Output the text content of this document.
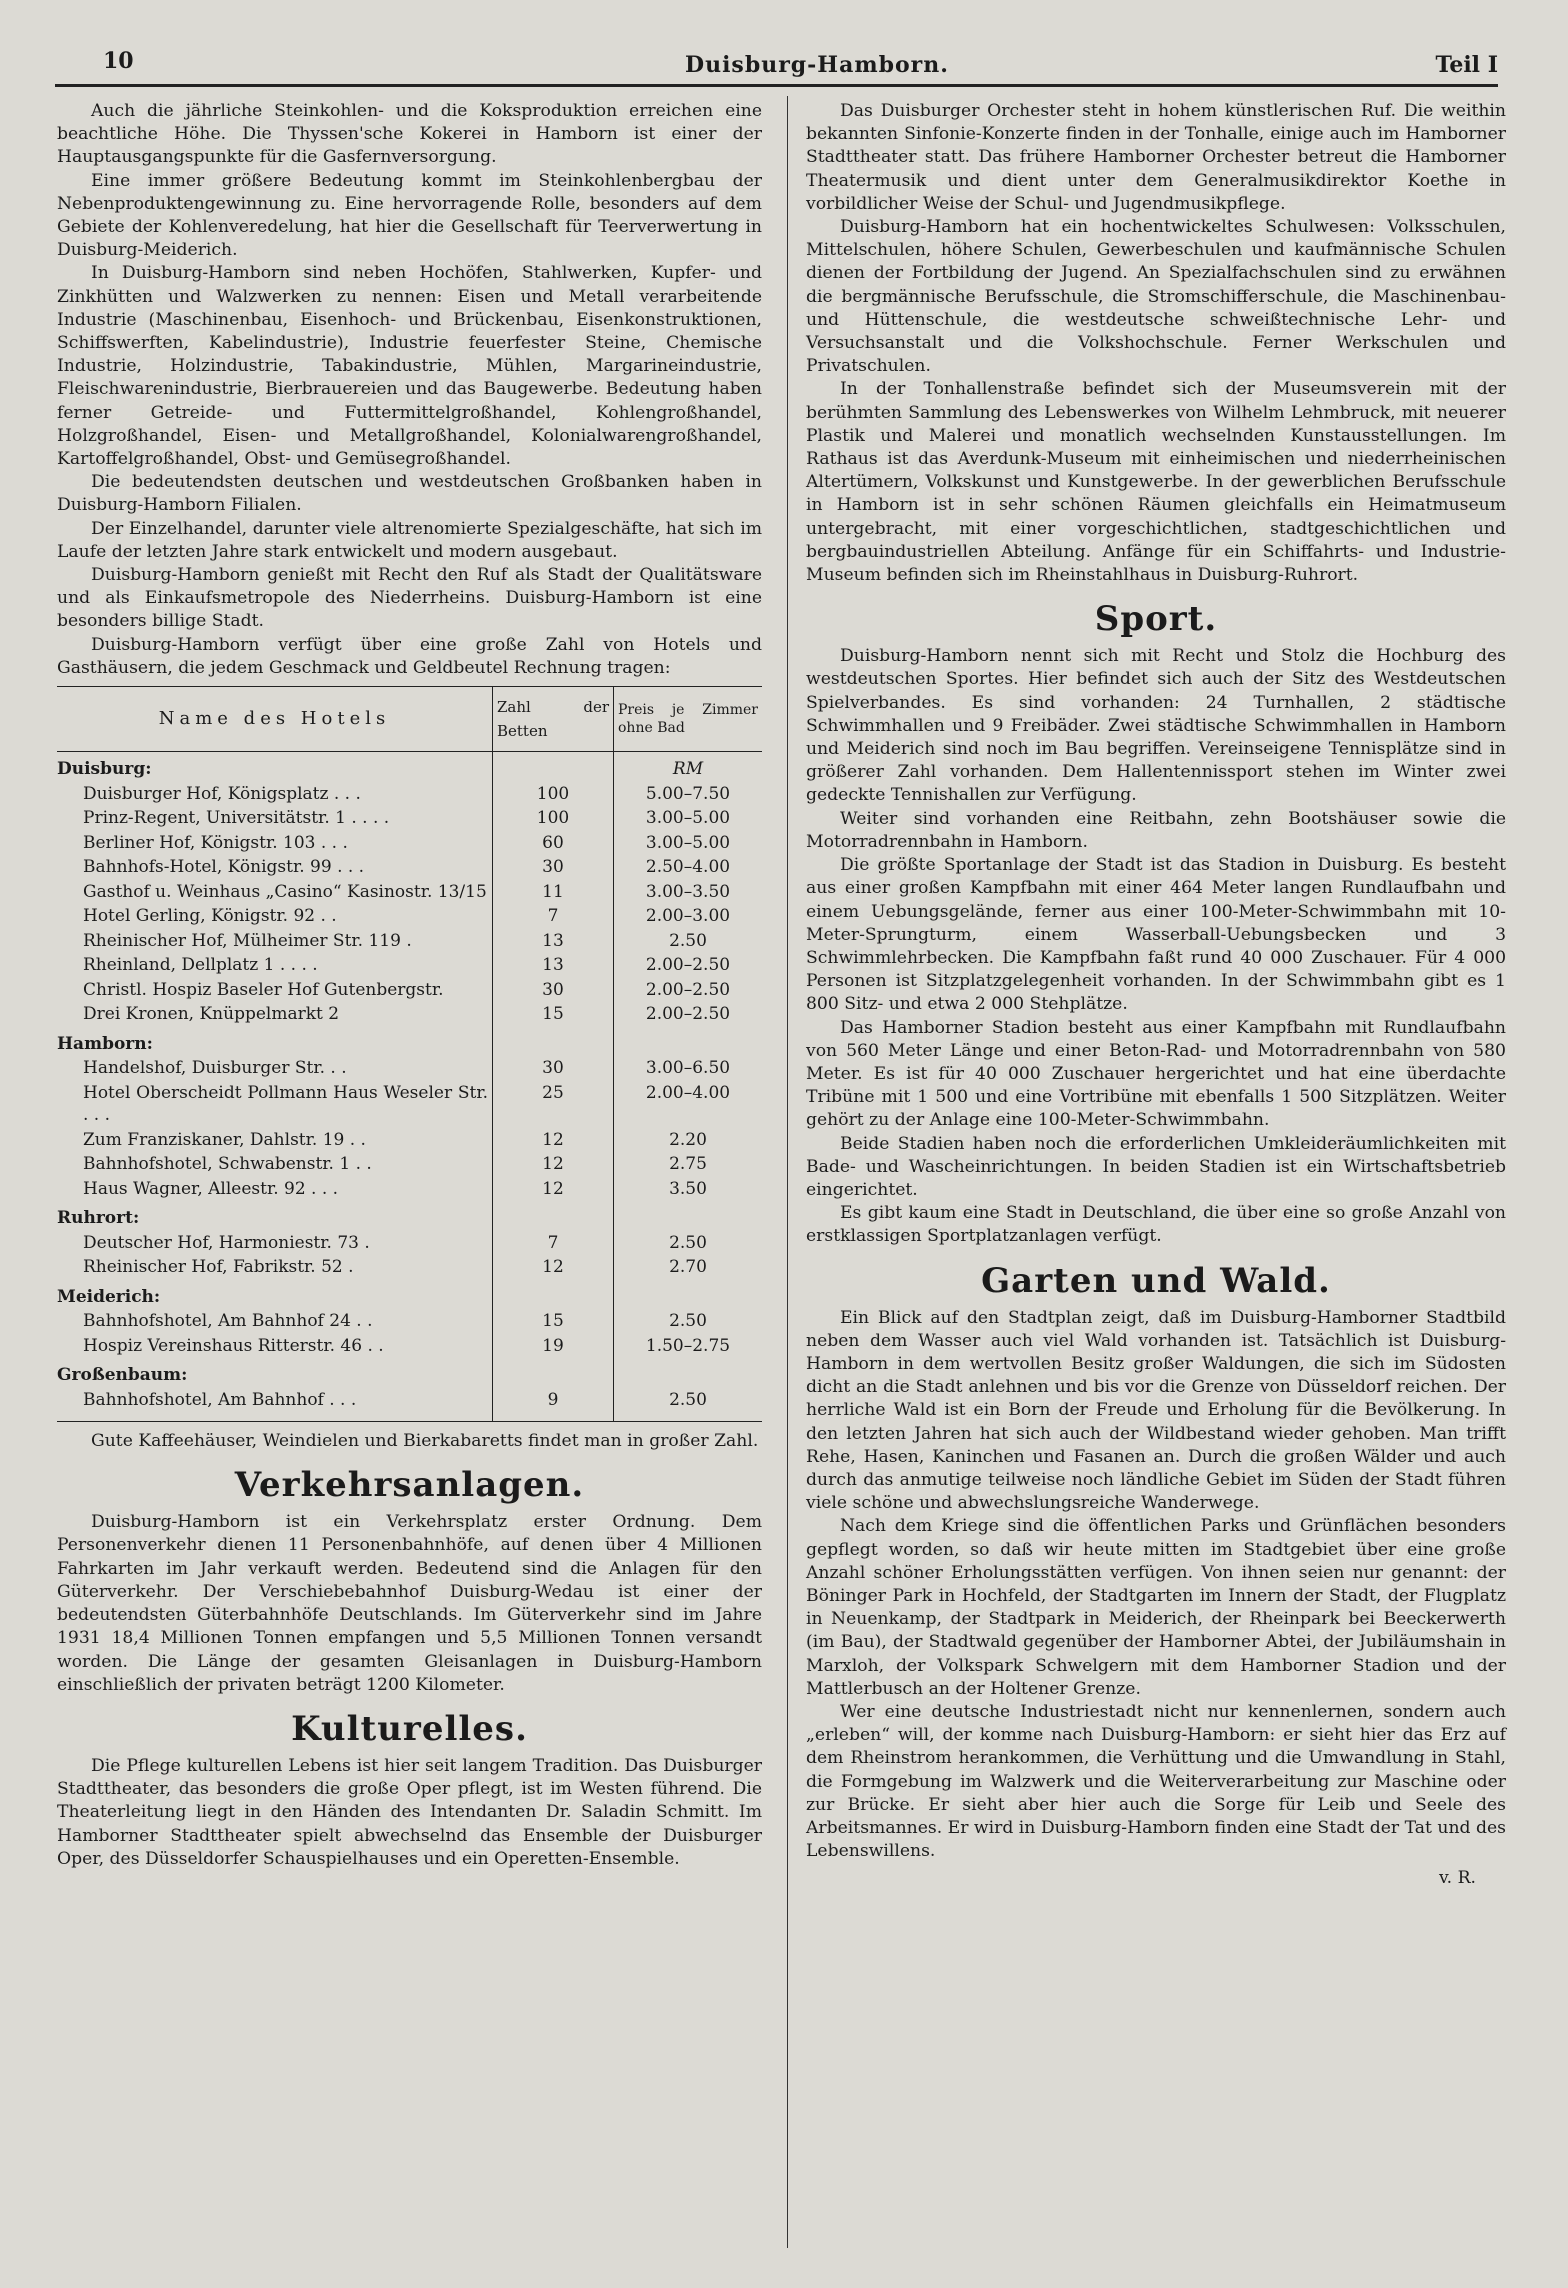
10	Duisburg-Hamborn.	Teil I

Auch die jährliche Steinkohlen- und die Koksproduktion erreichen eine beachtliche Höhe. Die Thyssen'sche Kokerei in Hamborn ist einer der Hauptausgangspunkte für die Gasfernversorgung.

Eine immer größere Bedeutung kommt im Steinkohlenbergbau der Nebenproduktengewinnung zu. Eine hervorragende Rolle, besonders auf dem Gebiete der Kohlenveredelung, hat hier die Gesellschaft für Teerverwertung in Duisburg-Meiderich.

In Duisburg-Hamborn sind neben Hochöfen, Stahlwerken, Kupfer- und Zinkhütten und Walzwerken zu nennen: Eisen und Metall verarbeitende Industrie (Maschinenbau, Eisenhoch- und Brückenbau, Eisenkonstruktionen, Schiffswerften, Kabelindustrie), Industrie feuerfester Steine, Chemische Industrie, Holzindustrie, Tabakindustrie, Mühlen, Margarineindustrie, Fleischwarenindustrie, Bierbrauereien und das Baugewerbe. Bedeutung haben ferner Getreide- und Futtermittelgroßhandel, Kohlengroßhandel, Holzgroßhandel, Eisen- und Metallgroßhandel, Kolonialwarengroßhandel, Kartoffelgroßhandel, Obst- und Gemüsegroßhandel.

Die bedeutendsten deutschen und westdeutschen Großbanken haben in Duisburg-Hamborn Filialen.

Der Einzelhandel, darunter viele altrenomierte Spezialgeschäfte, hat sich im Laufe der letzten Jahre stark entwickelt und modern ausgebaut.

Duisburg-Hamborn genießt mit Recht den Ruf als Stadt der Qualitätsware und als Einkaufsmetropole des Niederrheins. Duisburg-Hamborn ist eine besonders billige Stadt.

Duisburg-Hamborn verfügt über eine große Zahl von Hotels und Gasthäusern, die jedem Geschmack und Geldbeutel Rechnung tragen:

Name des Hotels	Zahl der Betten	Preis je Zimmer ohne Bad
Duisburg:		RM
Duisburger Hof, Königsplatz . . .	100	5.00–7.50
Prinz-Regent, Universitätstr. 1 . . . .	100	3.00–5.00
Berliner Hof, Königstr. 103 . . .	60	3.00–5.00
Bahnhofs-Hotel, Königstr. 99 . . .	30	2.50–4.00
Gasthof u. Weinhaus „Casino“ Kasinostr. 13/15	11	3.00–3.50
Hotel Gerling, Königstr. 92 . .	7	2.00–3.00
Rheinischer Hof, Mülheimer Str. 119 .	13	2.50
Rheinland, Dellplatz 1 . . . .	13	2.00–2.50
Christl. Hospiz Baseler Hof Gutenbergstr.	30	2.00–2.50
Drei Kronen, Knüppelmarkt 2	15	2.00–2.50
Hamborn:		
Handelshof, Duisburger Str. . .	30	3.00–6.50
Hotel Oberscheidt Pollmann Haus Weseler Str. . . .	25	2.00–4.00
Zum Franziskaner, Dahlstr. 19 . .	12	2.20
Bahnhofshotel, Schwabenstr. 1 . .	12	2.75
Haus Wagner, Alleestr. 92 . . .	12	3.50
Ruhrort:		
Deutscher Hof, Harmoniestr. 73 .	7	2.50
Rheinischer Hof, Fabrikstr. 52 .	12	2.70
Meiderich:		
Bahnhofshotel, Am Bahnhof 24 . .	15	2.50
Hospiz Vereinshaus Ritterstr. 46 . .	19	1.50–2.75
Großenbaum:		
Bahnhofshotel, Am Bahnhof . . .	9	2.50

Gute Kaffeehäuser, Weindielen und Bierkabaretts findet man in großer Zahl.

Verkehrsanlagen.

Duisburg-Hamborn ist ein Verkehrsplatz erster Ordnung. Dem Personenverkehr dienen 11 Personenbahnhöfe, auf denen über 4 Millionen Fahrkarten im Jahr verkauft werden. Bedeutend sind die Anlagen für den Güterverkehr. Der Verschiebebahnhof Duisburg-Wedau ist einer der bedeutendsten Güterbahnhöfe Deutschlands. Im Güterverkehr sind im Jahre 1931 18,4 Millionen Tonnen empfangen und 5,5 Millionen Tonnen versandt worden. Die Länge der gesamten Gleisanlagen in Duisburg-Hamborn einschließlich der privaten beträgt 1200 Kilometer.

Kulturelles.

Die Pflege kulturellen Lebens ist hier seit langem Tradition. Das Duisburger Stadttheater, das besonders die große Oper pflegt, ist im Westen führend. Die Theaterleitung liegt in den Händen des Intendanten Dr. Saladin Schmitt. Im Hamborner Stadttheater spielt abwechselnd das Ensemble der Duisburger Oper, des Düsseldorfer Schauspielhauses und ein Operetten-Ensemble.

Das Duisburger Orchester steht in hohem künstlerischen Ruf. Die weithin bekannten Sinfonie-Konzerte finden in der Tonhalle, einige auch im Hamborner Stadttheater statt. Das frühere Hamborner Orchester betreut die Hamborner Theatermusik und dient unter dem Generalmusikdirektor Koethe in vorbildlicher Weise der Schul- und Jugendmusikpflege.

Duisburg-Hamborn hat ein hochentwickeltes Schulwesen: Volksschulen, Mittelschulen, höhere Schulen, Gewerbeschulen und kaufmännische Schulen dienen der Fortbildung der Jugend. An Spezialfachschulen sind zu erwähnen die bergmännische Berufsschule, die Stromschifferschule, die Maschinenbau- und Hüttenschule, die westdeutsche schweißtechnische Lehr- und Versuchsanstalt und die Volkshochschule. Ferner Werkschulen und Privatschulen.

In der Tonhallenstraße befindet sich der Museumsverein mit der berühmten Sammlung des Lebenswerkes von Wilhelm Lehmbruck, mit neuerer Plastik und Malerei und monatlich wechselnden Kunstausstellungen. Im Rathaus ist das Averdunk-Museum mit einheimischen und niederrheinischen Altertümern, Volkskunst und Kunstgewerbe. In der gewerblichen Berufsschule in Hamborn ist in sehr schönen Räumen gleichfalls ein Heimatmuseum untergebracht, mit einer vorgeschichtlichen, stadtgeschichtlichen und bergbauindustriellen Abteilung. Anfänge für ein Schiffahrts- und Industrie-Museum befinden sich im Rheinstahlhaus in Duisburg-Ruhrort.

Sport.

Duisburg-Hamborn nennt sich mit Recht und Stolz die Hochburg des westdeutschen Sportes. Hier befindet sich auch der Sitz des Westdeutschen Spielverbandes. Es sind vorhanden: 24 Turnhallen, 2 städtische Schwimmhallen und 9 Freibäder. Zwei städtische Schwimmhallen in Hamborn und Meiderich sind noch im Bau begriffen. Vereinseigene Tennisplätze sind in größerer Zahl vorhanden. Dem Hallentennissport stehen im Winter zwei gedeckte Tennishallen zur Verfügung.

Weiter sind vorhanden eine Reitbahn, zehn Bootshäuser sowie die Motorradrennbahn in Hamborn.

Die größte Sportanlage der Stadt ist das Stadion in Duisburg. Es besteht aus einer großen Kampfbahn mit einer 464 Meter langen Rundlaufbahn und einem Uebungsgelände, ferner aus einer 100-Meter-Schwimmbahn mit 10-Meter-Sprungturm, einem Wasserball-Uebungsbecken und 3 Schwimmlehrbecken. Die Kampfbahn faßt rund 40 000 Zuschauer. Für 4 000 Personen ist Sitzplatzgelegenheit vorhanden. In der Schwimmbahn gibt es 1 800 Sitz- und etwa 2 000 Stehplätze.

Das Hamborner Stadion besteht aus einer Kampfbahn mit Rundlaufbahn von 560 Meter Länge und einer Beton-Rad- und Motorradrennbahn von 580 Meter. Es ist für 40 000 Zuschauer hergerichtet und hat eine überdachte Tribüne mit 1 500 und eine Vortribüne mit ebenfalls 1 500 Sitzplätzen. Weiter gehört zu der Anlage eine 100-Meter-Schwimmbahn.

Beide Stadien haben noch die erforderlichen Umkleideräumlichkeiten mit Bade- und Wascheinrichtungen. In beiden Stadien ist ein Wirtschaftsbetrieb eingerichtet.

Es gibt kaum eine Stadt in Deutschland, die über eine so große Anzahl von erstklassigen Sportplatzanlagen verfügt.

Garten und Wald.

Ein Blick auf den Stadtplan zeigt, daß im Duisburg-Hamborner Stadtbild neben dem Wasser auch viel Wald vorhanden ist. Tatsächlich ist Duisburg-Hamborn in dem wertvollen Besitz großer Waldungen, die sich im Südosten dicht an die Stadt anlehnen und bis vor die Grenze von Düsseldorf reichen. Der herrliche Wald ist ein Born der Freude und Erholung für die Bevölkerung. In den letzten Jahren hat sich auch der Wildbestand wieder gehoben. Man trifft Rehe, Hasen, Kaninchen und Fasanen an. Durch die großen Wälder und auch durch das anmutige teilweise noch ländliche Gebiet im Süden der Stadt führen viele schöne und abwechslungsreiche Wanderwege.

Nach dem Kriege sind die öffentlichen Parks und Grünflächen besonders gepflegt worden, so daß wir heute mitten im Stadtgebiet über eine große Anzahl schöner Erholungsstätten verfügen. Von ihnen seien nur genannt: der Böninger Park in Hochfeld, der Stadtgarten im Innern der Stadt, der Flugplatz in Neuenkamp, der Stadtpark in Meiderich, der Rheinpark bei Beeckerwerth (im Bau), der Stadtwald gegenüber der Hamborner Abtei, der Jubiläumshain in Marxloh, der Volkspark Schwelgern mit dem Hamborner Stadion und der Mattlerbusch an der Holtener Grenze.

Wer eine deutsche Industriestadt nicht nur kennenlernen, sondern auch „erleben“ will, der komme nach Duisburg-Hamborn: er sieht hier das Erz auf dem Rheinstrom herankommen, die Verhüttung und die Umwandlung in Stahl, die Formgebung im Walzwerk und die Weiterverarbeitung zur Maschine oder zur Brücke. Er sieht aber hier auch die Sorge für Leib und Seele des Arbeitsmannes. Er wird in Duisburg-Hamborn finden eine Stadt der Tat und des Lebenswillens.

v. R.
